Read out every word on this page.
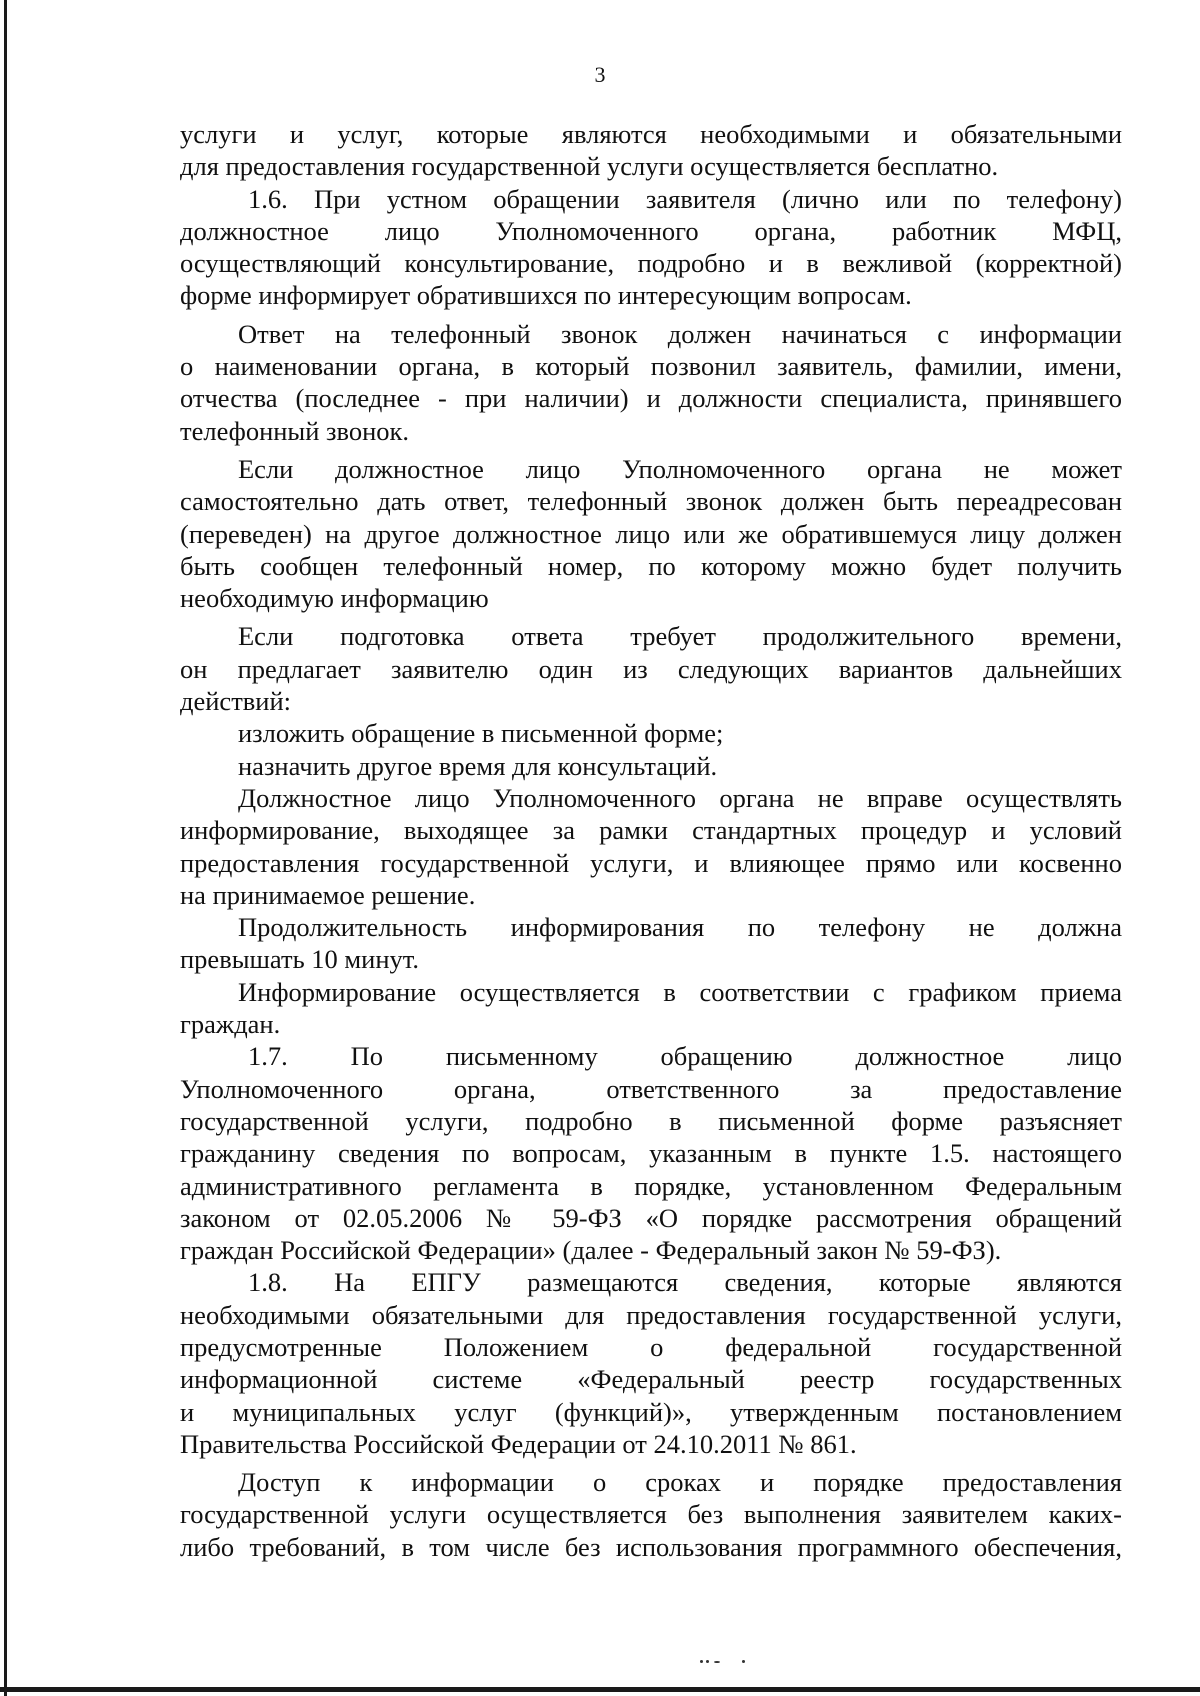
3
услуги и услуг, которые являются необходимыми и обязательными
для предоставления государственной услуги осуществляется бесплатно.
1.6. При устном обращении заявителя (лично или по телефону)
должностное лицо Уполномоченного органа, работник МФЦ,
осуществляющий консультирование, подробно и в вежливой (корректной)
форме информирует обратившихся по интересующим вопросам.
Ответ на телефонный звонок должен начинаться с информации
о наименовании органа, в который позвонил заявитель, фамилии, имени,
отчества (последнее - при наличии) и должности специалиста, принявшего
телефонный звонок.
Если должностное лицо Уполномоченного органа не может
самостоятельно дать ответ, телефонный звонок должен быть переадресован
(переведен) на другое должностное лицо или же обратившемуся лицу должен
быть сообщен телефонный номер, по которому можно будет получить
необходимую информацию
Если подготовка ответа требует продолжительного времени,
он предлагает заявителю один из следующих вариантов дальнейших
действий:
изложить обращение в письменной форме;
назначить другое время для консультаций.
Должностное лицо Уполномоченного органа не вправе осуществлять
информирование, выходящее за рамки стандартных процедур и условий
предоставления государственной услуги, и влияющее прямо или косвенно
на принимаемое решение.
Продолжительность информирования по телефону не должна
превышать 10 минут.
Информирование осуществляется в соответствии с графиком приема
граждан.
1.7. По письменному обращению должностное лицо
Уполномоченного органа, ответственного за предоставление
государственной услуги, подробно в письменной форме разъясняет
гражданину сведения по вопросам, указанным в пункте 1.5. настоящего
административного регламента в порядке, установленном Федеральным
законом от 02.05.2006 № 59-ФЗ «О порядке рассмотрения обращений
граждан Российской Федерации» (далее - Федеральный закон № 59-ФЗ).
1.8. На ЕПГУ размещаются сведения, которые являются
необходимыми обязательными для предоставления государственной услуги,
предусмотренные Положением о федеральной государственной
информационной системе «Федеральный реестр государственных
и муниципальных услуг (функций)», утвержденным постановлением
Правительства Российской Федерации от 24.10.2011 № 861.
Доступ к информации о сроках и порядке предоставления
государственной услуги осуществляется без выполнения заявителем каких-
либо требований, в том числе без использования программного обеспечения,
